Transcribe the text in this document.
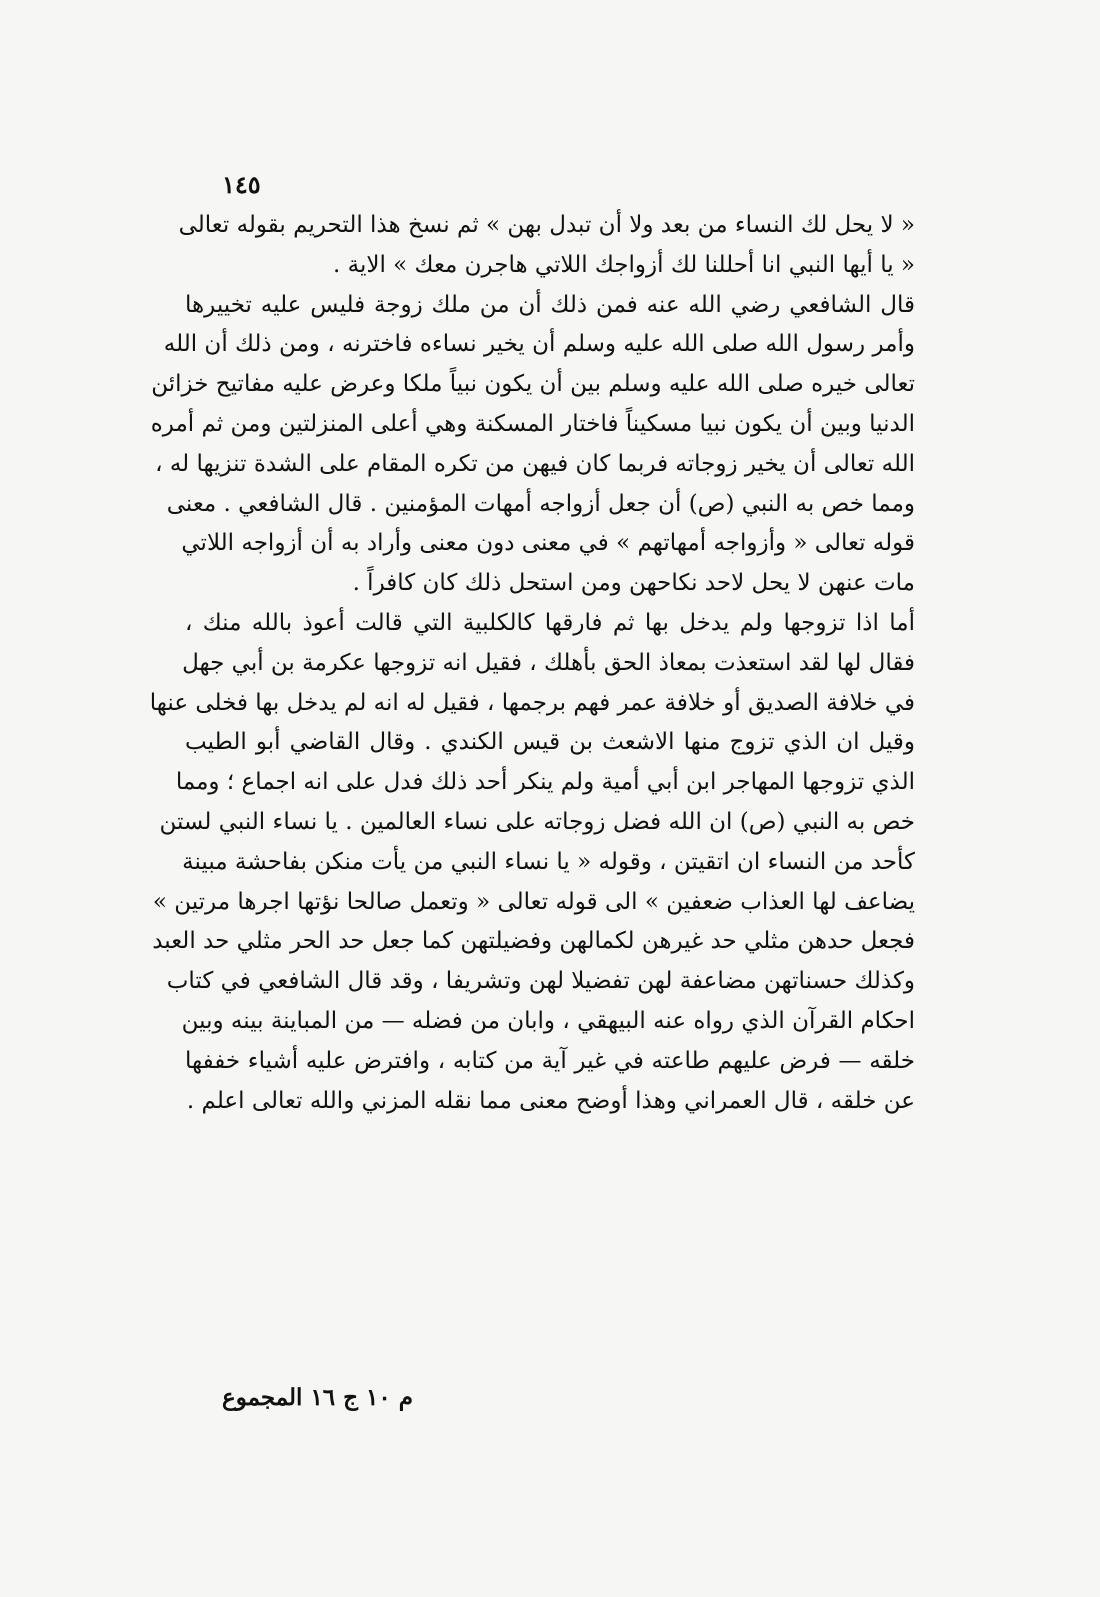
١٤٥
« لا يحل لك النساء من بعد ولا أن تبدل بهن » ثم نسخ هذا التحريم بقوله تعالى
« يا أيها النبي انا أحللنا لك أزواجك اللاتي هاجرن معك » الاية .
قال الشافعي رضي الله عنه فمن ذلك أن من ملك زوجة فليس عليه تخييرها
وأمر رسول الله صلى الله عليه وسلم أن يخير نساءه فاخترنه ، ومن ذلك أن الله
تعالى خيره صلى الله عليه وسلم بين أن يكون نبياً ملكا وعرض عليه مفاتيح خزائن
الدنيا وبين أن يكون نبيا مسكيناً فاختار المسكنة وهي أعلى المنزلتين ومن ثم أمره
الله تعالى أن يخير زوجاته فربما كان فيهن من تكره المقام على الشدة تنزيها له ،
ومما خص به النبي (ص) أن جعل أزواجه أمهات المؤمنين . قال الشافعي . معنى
قوله تعالى « وأزواجه أمهاتهم » في معنى دون معنى وأراد به أن أزواجه اللاتي
مات عنهن لا يحل لاحد نكاحهن ومن استحل ذلك كان كافراً .
أما اذا تزوجها ولم يدخل بها ثم فارقها كالكلبية التي قالت أعوذ بالله منك ،
فقال لها لقد استعذت بمعاذ الحق بأهلك ، فقيل انه تزوجها عكرمة بن أبي جهل
في خلافة الصديق أو خلافة عمر فهم برجمها ، فقيل له انه لم يدخل بها فخلى عنها
وقيل ان الذي تزوج منها الاشعث بن قيس الكندي . وقال القاضي أبو الطيب
الذي تزوجها المهاجر ابن أبي أمية ولم ينكر أحد ذلك فدل على انه اجماع ؛ ومما
خص به النبي (ص) ان الله فضل زوجاته على نساء العالمين . يا نساء النبي لستن
كأحد من النساء ان اتقيتن ، وقوله « يا نساء النبي من يأت منكن بفاحشة مبينة
يضاعف لها العذاب ضعفين » الى قوله تعالى « وتعمل صالحا نؤتها اجرها مرتين »
فجعل حدهن مثلي حد غيرهن لكمالهن وفضيلتهن كما جعل حد الحر مثلي حد العبد
وكذلك حسناتهن مضاعفة لهن تفضيلا لهن وتشريفا ، وقد قال الشافعي في كتاب
احكام القرآن الذي رواه عنه البيهقي ، وابان من فضله — من المباينة بينه وبين
خلقه — فرض عليهم طاعته في غير آية من كتابه ، وافترض عليه أشياء خففها
عن خلقه ، قال العمراني وهذا أوضح معنى مما نقله المزني والله تعالى اعلم .
م ١٠ ج ١٦ المجموع
